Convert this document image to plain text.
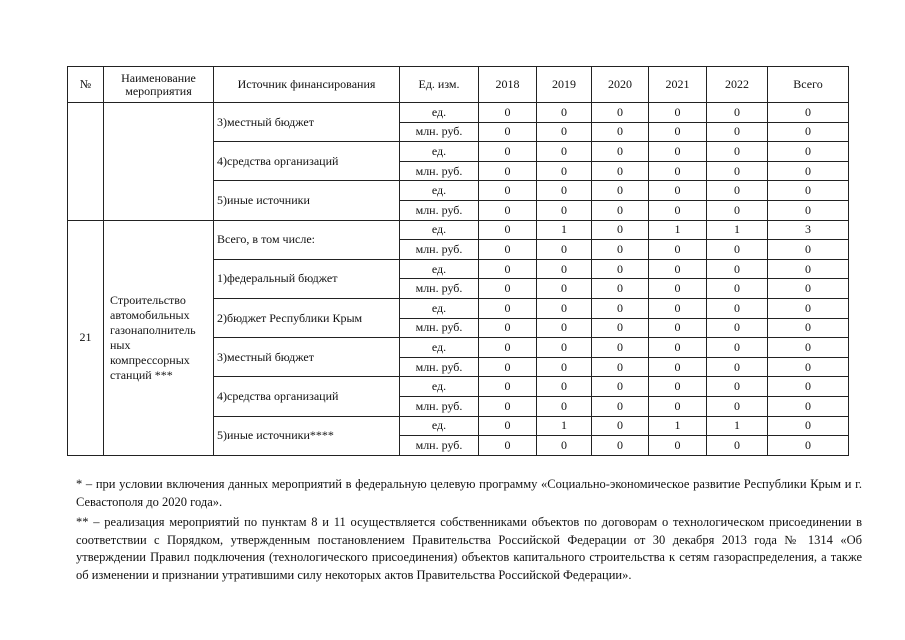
№	Наименование мероприятия	Источник финансирования	Ед. изм.	2018	2019	2020	2021	2022	Всего
		3)местный бюджет	ед.	0	0	0	0	0	0
			млн. руб.	0	0	0	0	0	0
		4)средства организаций	ед.	0	0	0	0	0	0
			млн. руб.	0	0	0	0	0	0
		5)иные источники	ед.	0	0	0	0	0	0
			млн. руб.	0	0	0	0	0	0
21	Строительство автомобильных газонаполнитель ных компрессорных станций ***	Всего, в том числе:	ед.	0	1	0	1	1	3
			млн. руб.	0	0	0	0	0	0
		1)федеральный бюджет	ед.	0	0	0	0	0	0
			млн. руб.	0	0	0	0	0	0
		2)бюджет Республики Крым	ед.	0	0	0	0	0	0
			млн. руб.	0	0	0	0	0	0
		3)местный бюджет	ед.	0	0	0	0	0	0
			млн. руб.	0	0	0	0	0	0
		4)средства организаций	ед.	0	0	0	0	0	0
			млн. руб.	0	0	0	0	0	0
		5)иные источники****	ед.	0	1	0	1	1	0
			млн. руб.	0	0	0	0	0	0

* – при условии включения данных мероприятий в федеральную целевую программу «Социально-экономическое развитие Республики Крым и г. Севастополя до 2020 года».

** – реализация мероприятий по пунктам 8 и 11 осуществляется собственниками объектов по договорам о технологическом присоединении в соответствии с Порядком, утвержденным постановлением Правительства Российской Федерации от 30 декабря 2013 года № 1314 «Об утверждении Правил подключения (технологического присоединения) объектов капитального строительства к сетям газораспределения, а также об изменении и признании утратившими силу некоторых актов Правительства Российской Федерации».
